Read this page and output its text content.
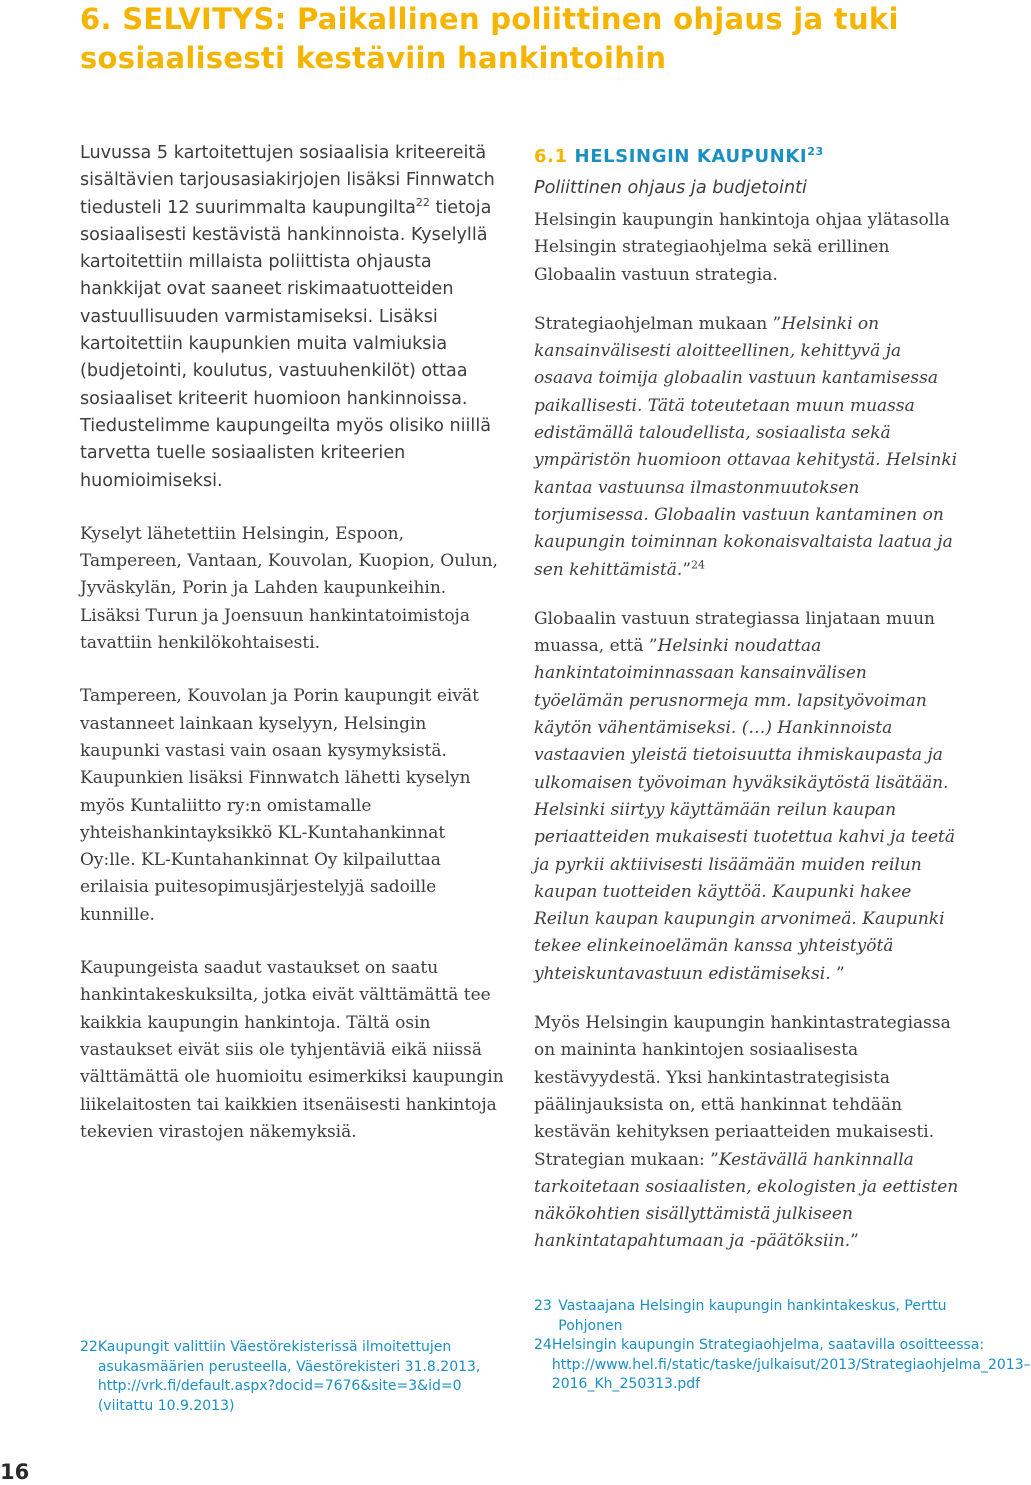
6. SELVITYS: Paikallinen poliittinen ohjaus ja tuki sosiaalisesti kestäviin hankintoihin

Luvussa 5 kartoitettujen sosiaalisia kriteereitä sisältävien tarjousasiakirjojen lisäksi Finnwatch tiedusteli 12 suurimmalta kaupungilta$^{22}$ tietoja sosiaalisesti kestävistä hankinnoista. Kyselyllä kartoitettiin millaista poliittista ohjausta hankkijat ovat saaneet riskimaatuotteiden vastuullisuuden varmistamiseksi. Lisäksi kartoitettiin kaupunkien muita valmiuksia (budjetointi, koulutus, vastuuhenkilöt) ottaa sosiaaliset kriteerit huomioon hankinnoissa. Tiedustelimme kaupungeilta myös olisiko niillä tarvetta tuelle sosiaalisten kriteerien huomioimiseksi.

Kyselyt lähetettiin Helsingin, Espoon, Tampereen, Vantaan, Kouvolan, Kuopion, Oulun, Jyväskylän, Porin ja Lahden kaupunkeihin. Lisäksi Turun ja Joensuun hankintatoimistoja tavattiin henkilökohtaisesti.

Tampereen, Kouvolan ja Porin kaupungit eivät vastanneet lainkaan kyselyyn, Helsingin kaupunki vastasi vain osaan kysymyksistä. Kaupunkien lisäksi Finnwatch lähetti kyselyn myös Kuntaliitto ry:n omistamalle yhteishankintayksikkö KL-Kuntahankinnat Oy:lle. KL-Kuntahankinnat Oy kilpailuttaa erilaisia puitesopimusjärjestelyjä sadoille kunnille.

Kaupungeista saadut vastaukset on saatu hankintakeskuksilta, jotka eivät välttämättä tee kaikkia kaupungin hankintoja. Tältä osin vastaukset eivät siis ole tyhjentäviä eikä niissä välttämättä ole huomioitu esimerkiksi kaupungin liikelaitosten tai kaikkien itsenäisesti hankintoja tekevien virastojen näkemyksiä.

6.1 HELSINGIN KAUPUNKI$^{23}$
Poliittinen ohjaus ja budjetointi

Helsingin kaupungin hankintoja ohjaa ylätasolla Helsingin strategiaohjelma sekä erillinen Globaalin vastuun strategia.

Strategiaohjelman mukaan ”Helsinki on kansainvälisesti aloitteellinen, kehittyvä ja osaava toimija globaalin vastuun kantamisessa paikallisesti. Tätä toteutetaan muun muassa edistämällä taloudellista, sosiaalista sekä ympäristön huomioon ottavaa kehitystä. Helsinki kantaa vastuunsa ilmastonmuutoksen torjumisessa. Globaalin vastuun kantaminen on kaupungin toiminnan kokonaisvaltaista laatua ja sen kehittämistä.”$^{24}$

Globaalin vastuun strategiassa linjataan muun muassa, että ”Helsinki noudattaa hankintatoiminnassaan kansainvälisen työelämän perusnormeja mm. lapsityövoiman käytön vähentämiseksi. (…) Hankinnoista vastaavien yleistä tietoisuutta ihmiskaupasta ja ulkomaisen työvoiman hyväksikäytöstä lisätään. Helsinki siirtyy käyttämään reilun kaupan periaatteiden mukaisesti tuotettua kahvi ja teetä ja pyrkii aktiivisesti lisäämään muiden reilun kaupan tuotteiden käyttöä. Kaupunki hakee Reilun kaupan kaupungin arvonimeä. Kaupunki tekee elinkeinoelämän kanssa yhteistyötä yhteiskuntavastuun edistämiseksi. ”

Myös Helsingin kaupungin hankintastrategiassa on maininta hankintojen sosiaalisesta kestävyydestä. Yksi hankintastrategisista päälinjauksista on, että hankinnat tehdään kestävän kehityksen periaatteiden mukaisesti. Strategian mukaan: ”Kestävällä hankinnalla tarkoitetaan sosiaalisten, ekologisten ja eettisten näkökohtien sisällyttämistä julkiseen hankintatapahtumaan ja -päätöksiin.”

22 Kaupungit valittiin Väestörekisterissä ilmoitettujen asukasmäärien perusteella, Väestörekisteri 31.8.2013, http://vrk.fi/default.aspx?docid=7676&site=3&id=0 (viitattu 10.9.2013)
23 Vastaajana Helsingin kaupungin hankintakeskus, Perttu Pohjonen
24 Helsingin kaupungin Strategiaohjelma, saatavilla osoitteessa: http://www.hel.fi/static/taske/julkaisut/2013/Strategiaohjelma_2013–2016_Kh_250313.pdf
16
